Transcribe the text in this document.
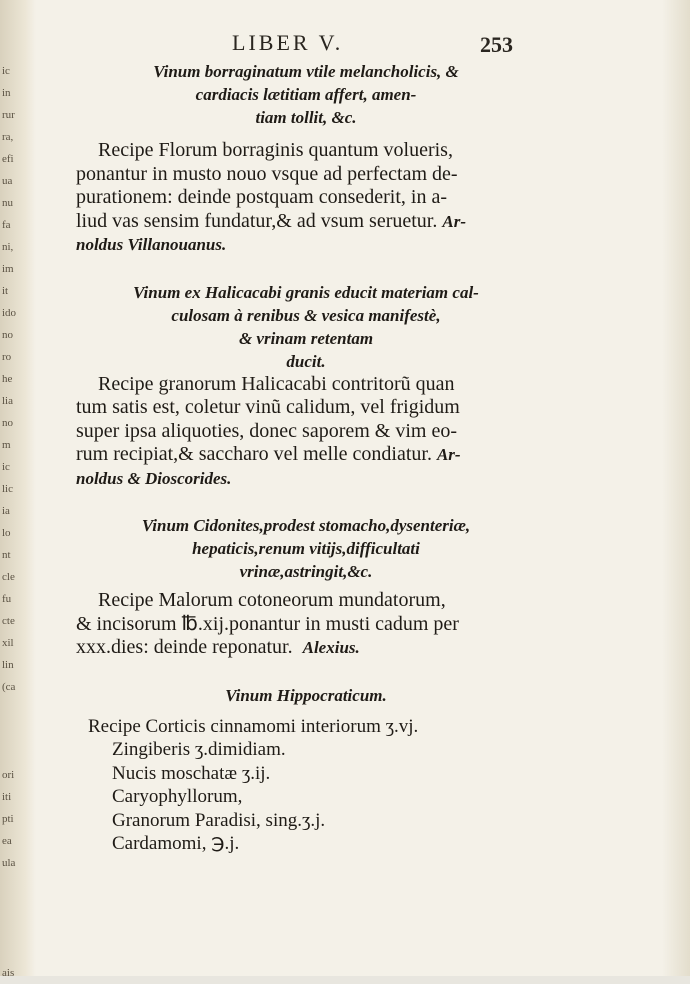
ic
in
rur
ra,
efi
ua
nu
fa
ni,
im
it
ido
no
ro
he
lia
no
m
ic
lic
ia
lo
nt
cle
fu
cte
xil
lin
(ca
ori
iti
pti
ea
ula
ais
LIBER V.	253

Vinum borraginatum vtile melancholicis, &
cardiacis lætitiam affert, amen-
tiam tollit, &c.

Recipe Florum borraginis quantum volueris,
ponantur in musto nouo vsque ad perfectam de-
purationem: deinde postquam consederit, in a-
liud vas sensim fundatur,& ad vsum seruetur. Ar-
noldus Villanouanus.

Vinum ex Halicacabi granis educit materiam cal-
culosam à renibus & vesica manifestè,
& vrinam retentam
ducit.

Recipe granorum Halicacabi contritorũ quan
tum satis est, coletur vinũ calidum, vel frigidum
super ipsa aliquoties, donec saporem & vim eo-
rum recipiat,& saccharo vel melle condiatur. Ar-
noldus & Dioscorides.

Vinum Cidonites,prodest stomacho,dysenteriæ,
hepaticis,renum vitijs,difficultati
vrinæ,astringit,&c.

Recipe Malorum cotoneorum mundatorum,
& incisorum ℔.xij.ponantur in musti cadum per
xxx.dies: deinde reponatur. Alexius.

Vinum Hippocraticum.

Recipe Corticis cinnamomi interiorum ʒ.vj.
Zingiberis ʒ.dimidiam.
Nucis moschatæ ʒ.ij.
Caryophyllorum,
Granorum Paradisi, sing.ʒ.j.
Cardamomi, ℈.j.
